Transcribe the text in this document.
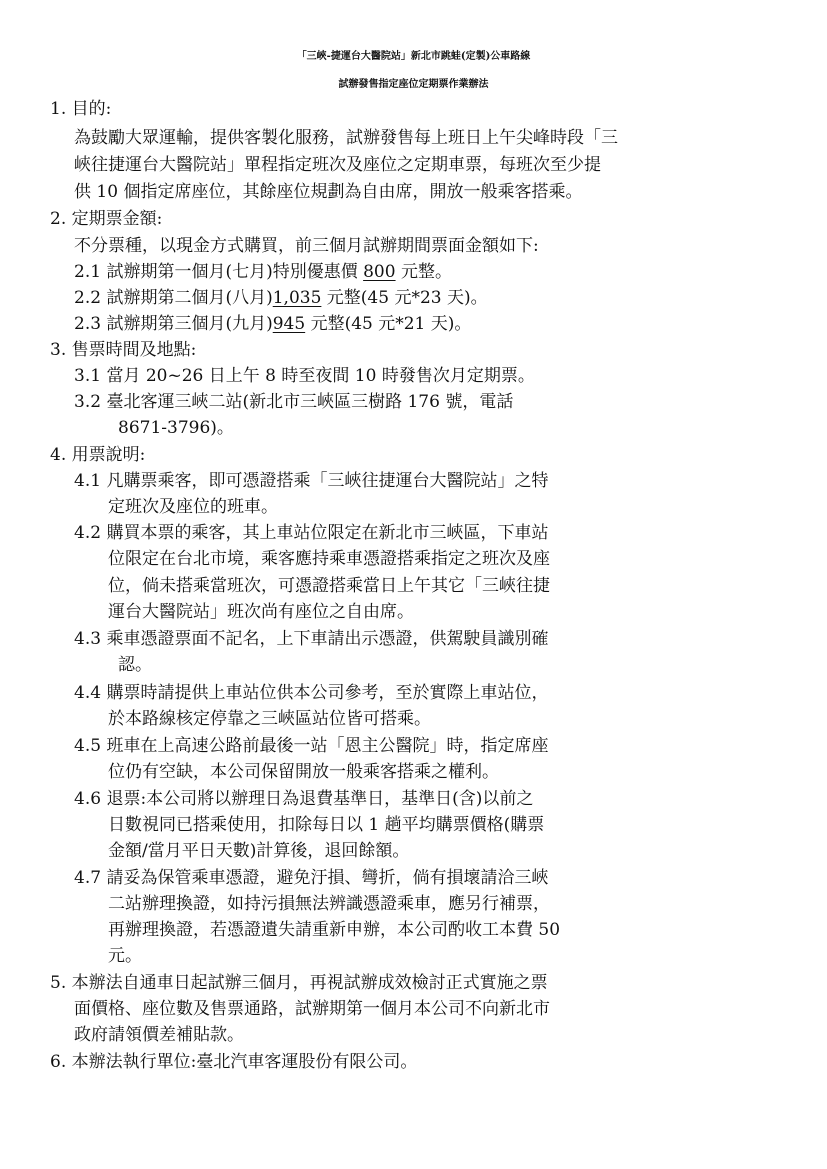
「三峽-捷運台大醫院站」新北市跳蛙(定製)公車路線
試辦發售指定座位定期票作業辦法
1. 目的:
為鼓勵大眾運輸，提供客製化服務，試辦發售每上班日上午尖峰時段「三
峽往捷運台大醫院站」單程指定班次及座位之定期車票，每班次至少提
供 10 個指定席座位，其餘座位規劃為自由席，開放一般乘客搭乘。
2. 定期票金額:
不分票種，以現金方式購買，前三個月試辦期間票面金額如下:
2.1 試辦期第一個月(七月)特別優惠價 800 元整。
2.2 試辦期第二個月(八月)1,035 元整(45 元*23 天)。
2.3 試辦期第三個月(九月)945 元整(45 元*21 天)。
3. 售票時間及地點:
3.1 當月 20~26 日上午 8 時至夜間 10 時發售次月定期票。
3.2 臺北客運三峽二站(新北市三峽區三樹路 176 號，電話
8671-3796)。
4. 用票說明:
4.1 凡購票乘客，即可憑證搭乘「三峽往捷運台大醫院站」之特
定班次及座位的班車。
4.2 購買本票的乘客，其上車站位限定在新北市三峽區，下車站
位限定在台北市境，乘客應持乘車憑證搭乘指定之班次及座
位，倘未搭乘當班次，可憑證搭乘當日上午其它「三峽往捷
運台大醫院站」班次尚有座位之自由席。
4.3 乘車憑證票面不記名，上下車請出示憑證，供駕駛員識別確
認。
4.4 購票時請提供上車站位供本公司參考，至於實際上車站位，
於本路線核定停靠之三峽區站位皆可搭乘。
4.5 班車在上高速公路前最後一站「恩主公醫院」時，指定席座
位仍有空缺，本公司保留開放一般乘客搭乘之權利。
4.6 退票:本公司將以辦理日為退費基準日，基準日(含)以前之
日數視同已搭乘使用，扣除每日以 1 趟平均購票價格(購票
金額/當月平日天數)計算後，退回餘額。
4.7 請妥為保管乘車憑證，避免汙損、彎折，倘有損壞請洽三峽
二站辦理換證，如持污損無法辨識憑證乘車，應另行補票，
再辦理換證，若憑證遺失請重新申辦，本公司酌收工本費 50
元。
5. 本辦法自通車日起試辦三個月，再視試辦成效檢討正式實施之票
面價格、座位數及售票通路，試辦期第一個月本公司不向新北市
政府請領價差補貼款。
6. 本辦法執行單位:臺北汽車客運股份有限公司。
